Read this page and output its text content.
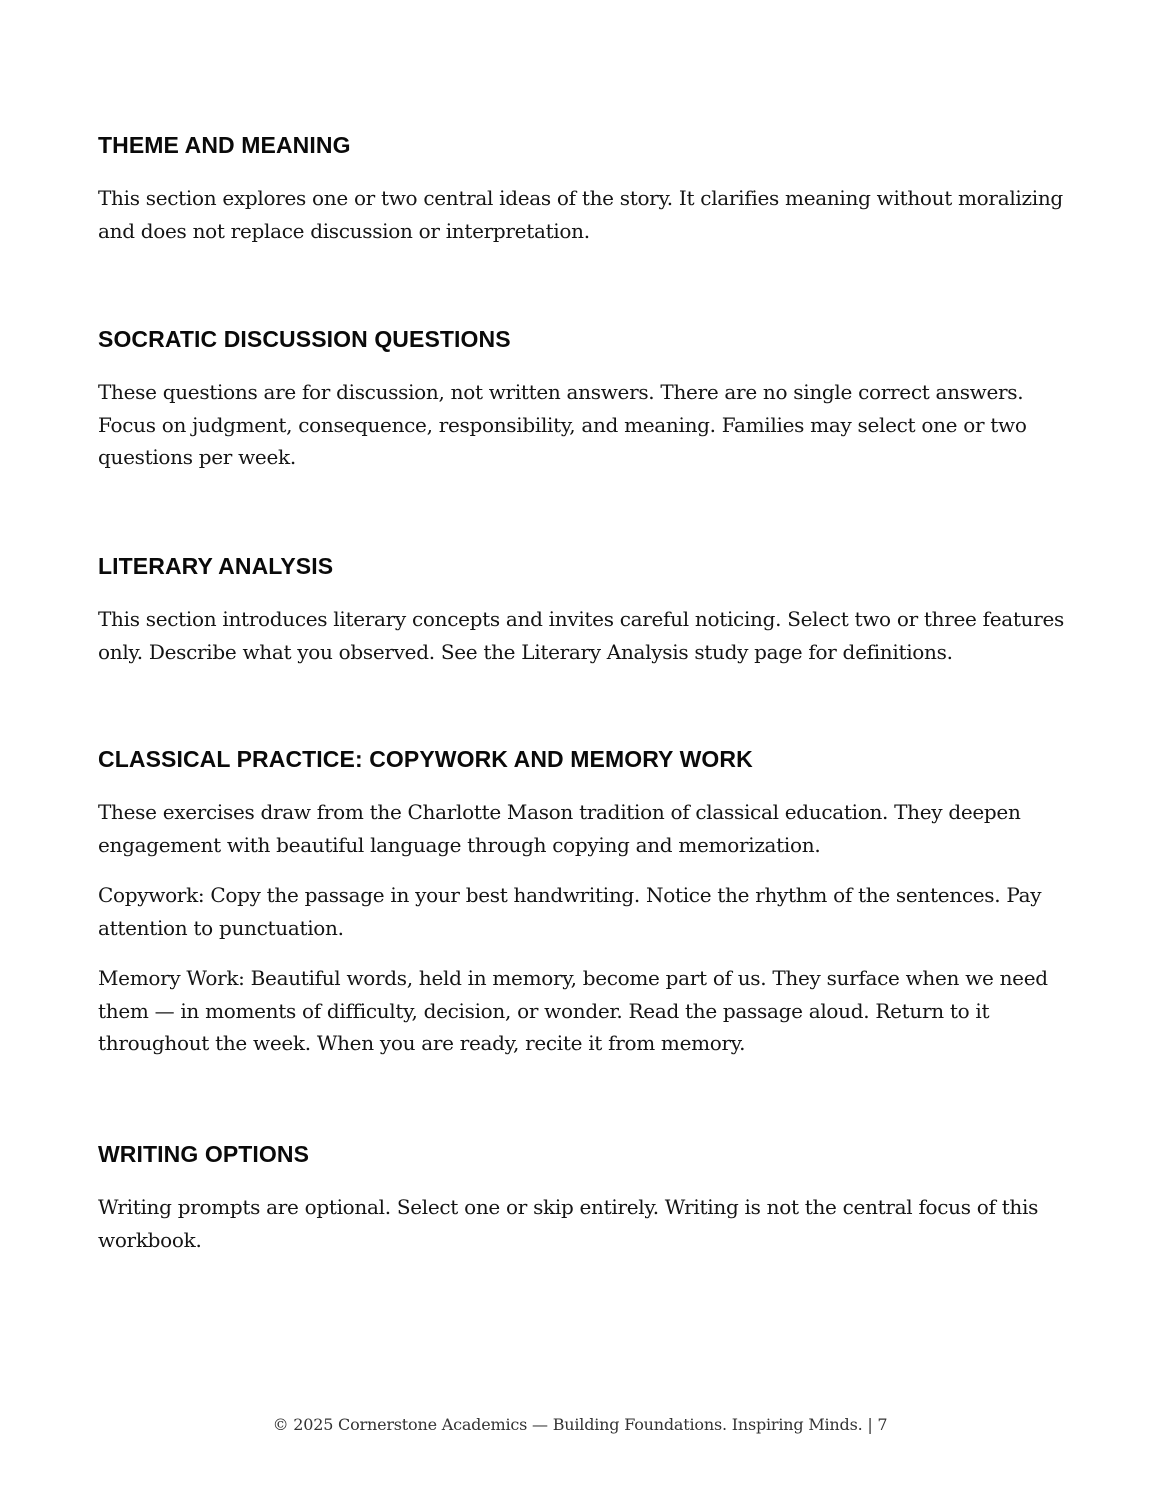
THEME AND MEANING

This section explores one or two central ideas of the story. It clarifies meaning without moralizing and does not replace discussion or interpretation.

SOCRATIC DISCUSSION QUESTIONS

These questions are for discussion, not written answers. There are no single correct answers. Focus on judgment, consequence, responsibility, and meaning. Families may select one or two questions per week.

LITERARY ANALYSIS

This section introduces literary concepts and invites careful noticing. Select two or three features only. Describe what you observed. See the Literary Analysis study page for definitions.

CLASSICAL PRACTICE: COPYWORK AND MEMORY WORK

These exercises draw from the Charlotte Mason tradition of classical education. They deepen engagement with beautiful language through copying and memorization.

Copywork: Copy the passage in your best handwriting. Notice the rhythm of the sentences. Pay attention to punctuation.

Memory Work: Beautiful words, held in memory, become part of us. They surface when we need them — in moments of difficulty, decision, or wonder. Read the passage aloud. Return to it throughout the week. When you are ready, recite it from memory.

WRITING OPTIONS

Writing prompts are optional. Select one or skip entirely. Writing is not the central focus of this workbook.

© 2025 Cornerstone Academics — Building Foundations. Inspiring Minds. | 7
